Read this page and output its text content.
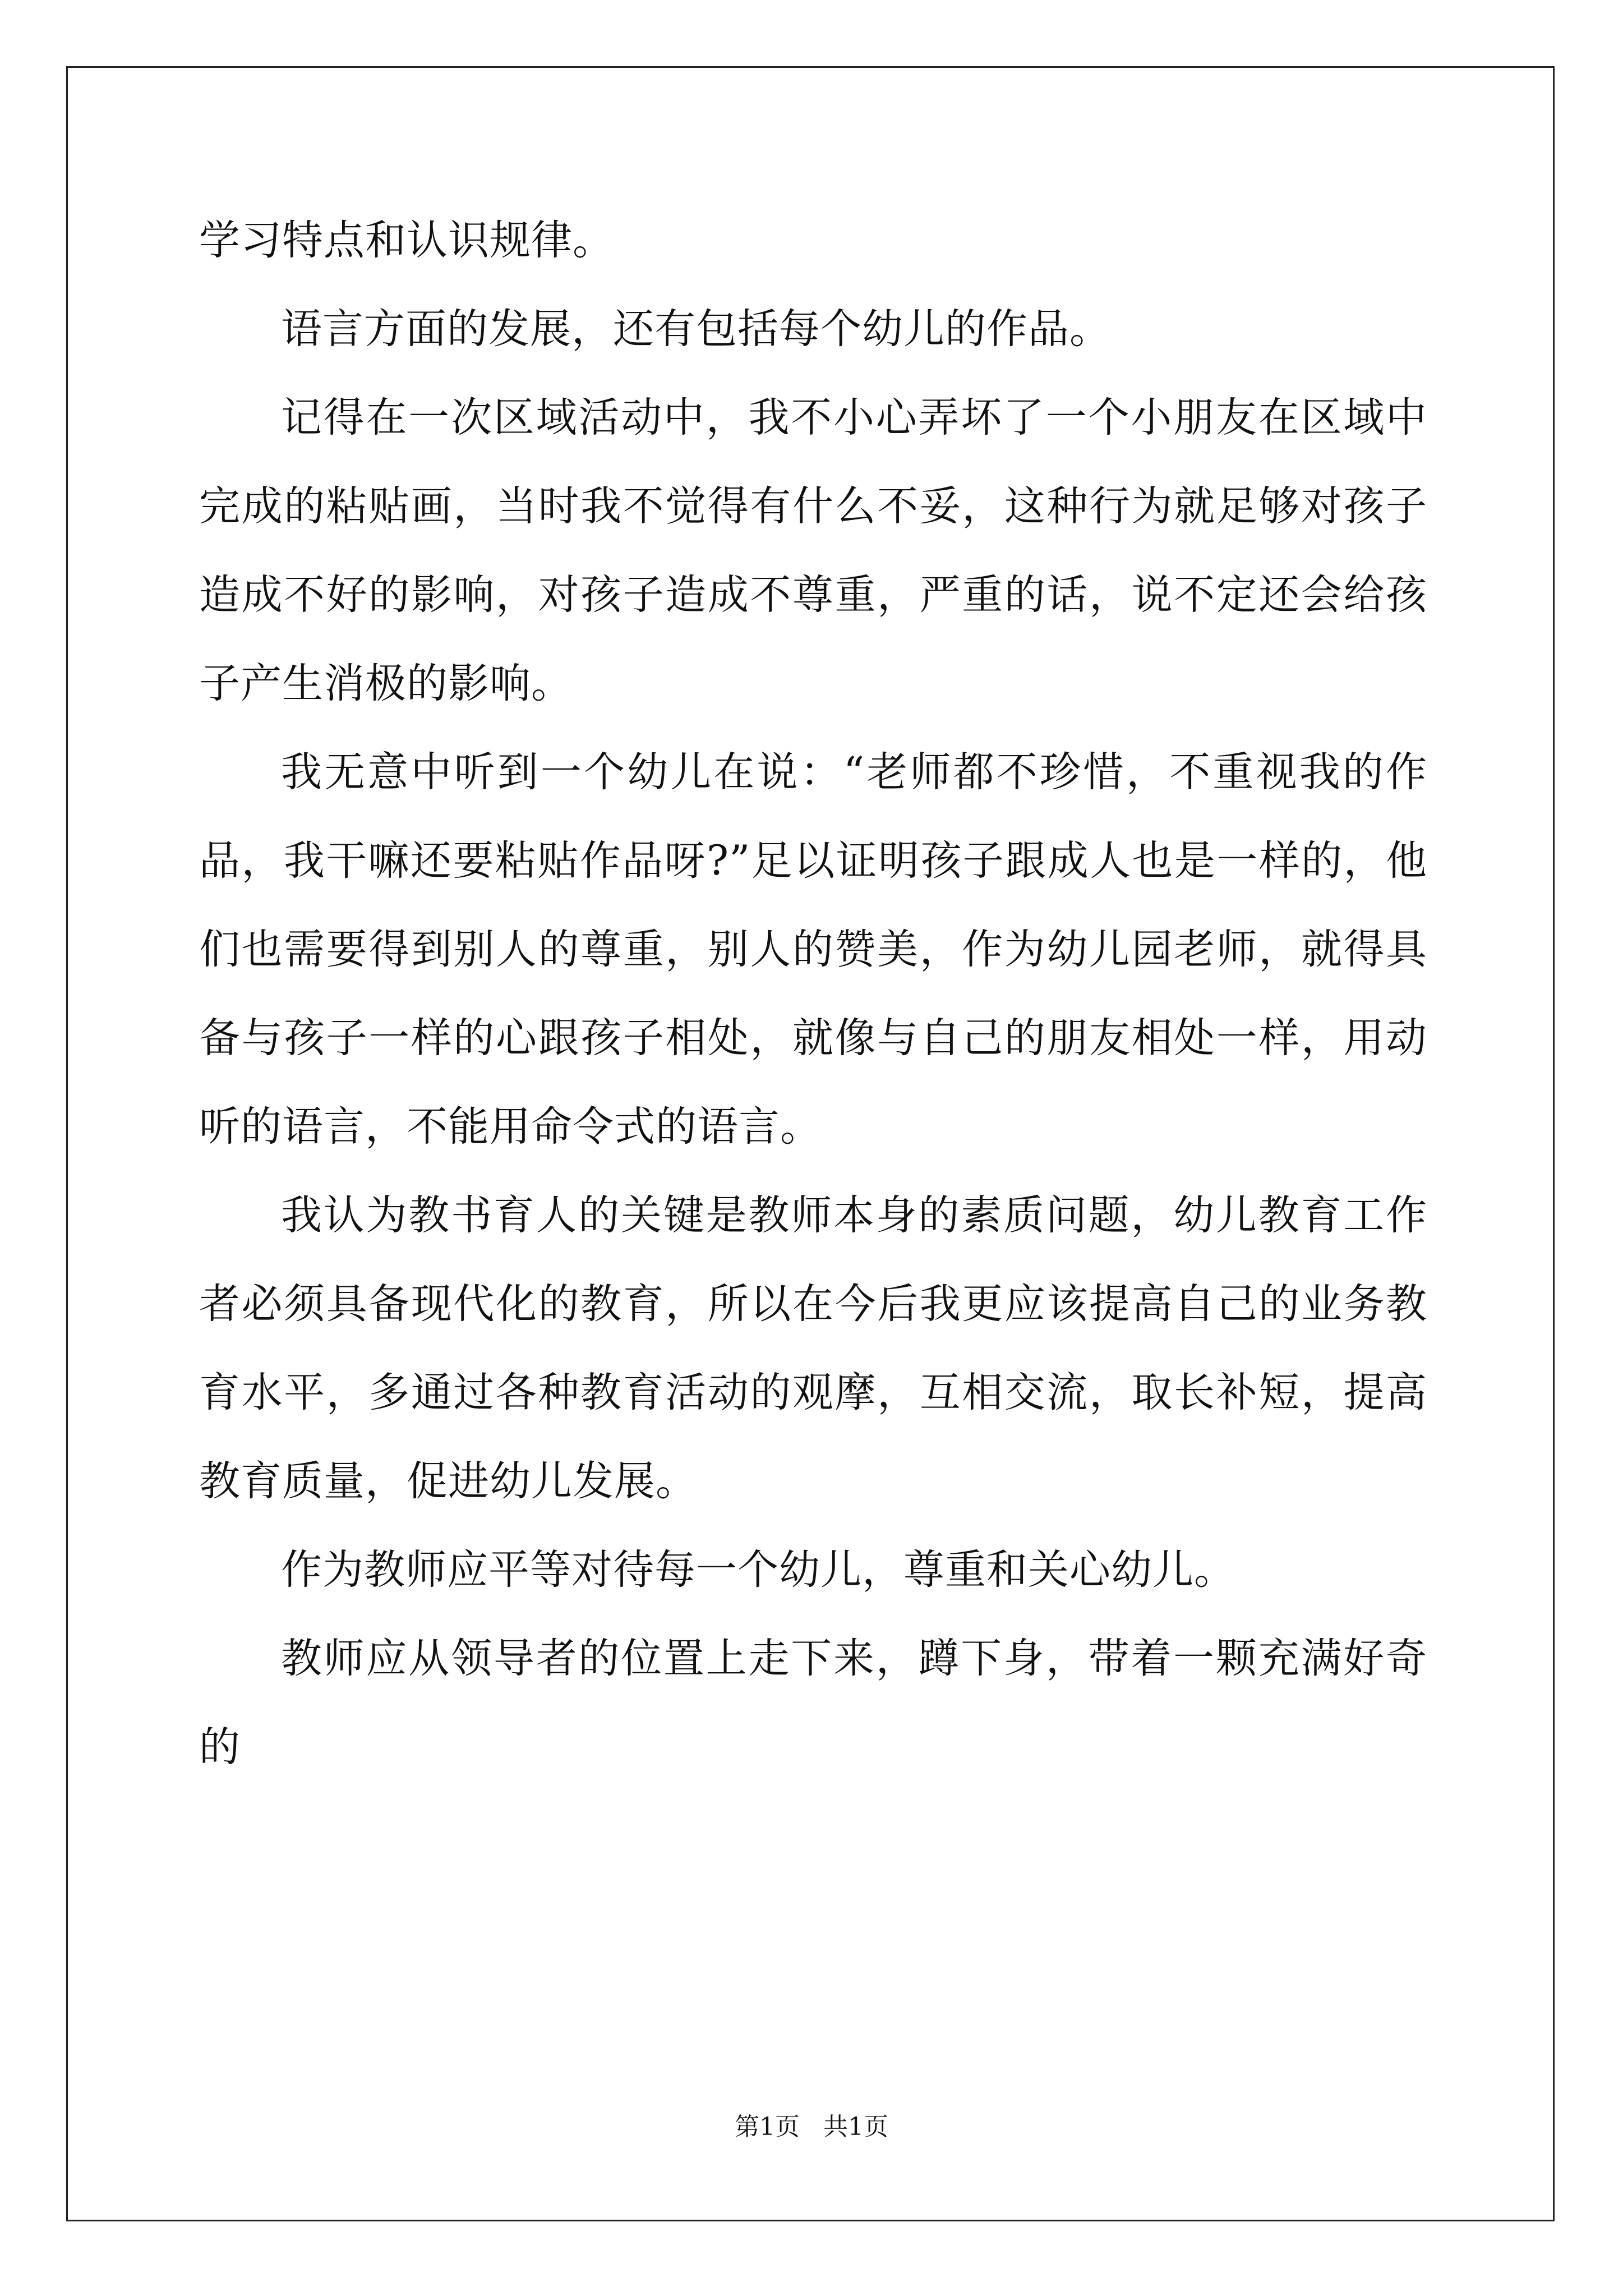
学习特点和认识规律。

语言方面的发展，还有包括每个幼儿的作品。

记得在一次区域活动中，我不小心弄坏了一个小朋友在区域中完成的粘贴画，当时我不觉得有什么不妥，这种行为就足够对孩子造成不好的影响，对孩子造成不尊重，严重的话，说不定还会给孩子产生消极的影响。

我无意中听到一个幼儿在说：“老师都不珍惜，不重视我的作品，我干嘛还要粘贴作品呀?”足以证明孩子跟成人也是一样的，他们也需要得到别人的尊重，别人的赞美，作为幼儿园老师，就得具备与孩子一样的心跟孩子相处，就像与自己的朋友相处一样，用动听的语言，不能用命令式的语言。

我认为教书育人的关键是教师本身的素质问题，幼儿教育工作者必须具备现代化的教育，所以在今后我更应该提高自己的业务教育水平，多通过各种教育活动的观摩，互相交流，取长补短，提高教育质量，促进幼儿发展。

作为教师应平等对待每一个幼儿，尊重和关心幼儿。

教师应从领导者的位置上走下来，蹲下身，带着一颗充满好奇的

第1页   共1页
